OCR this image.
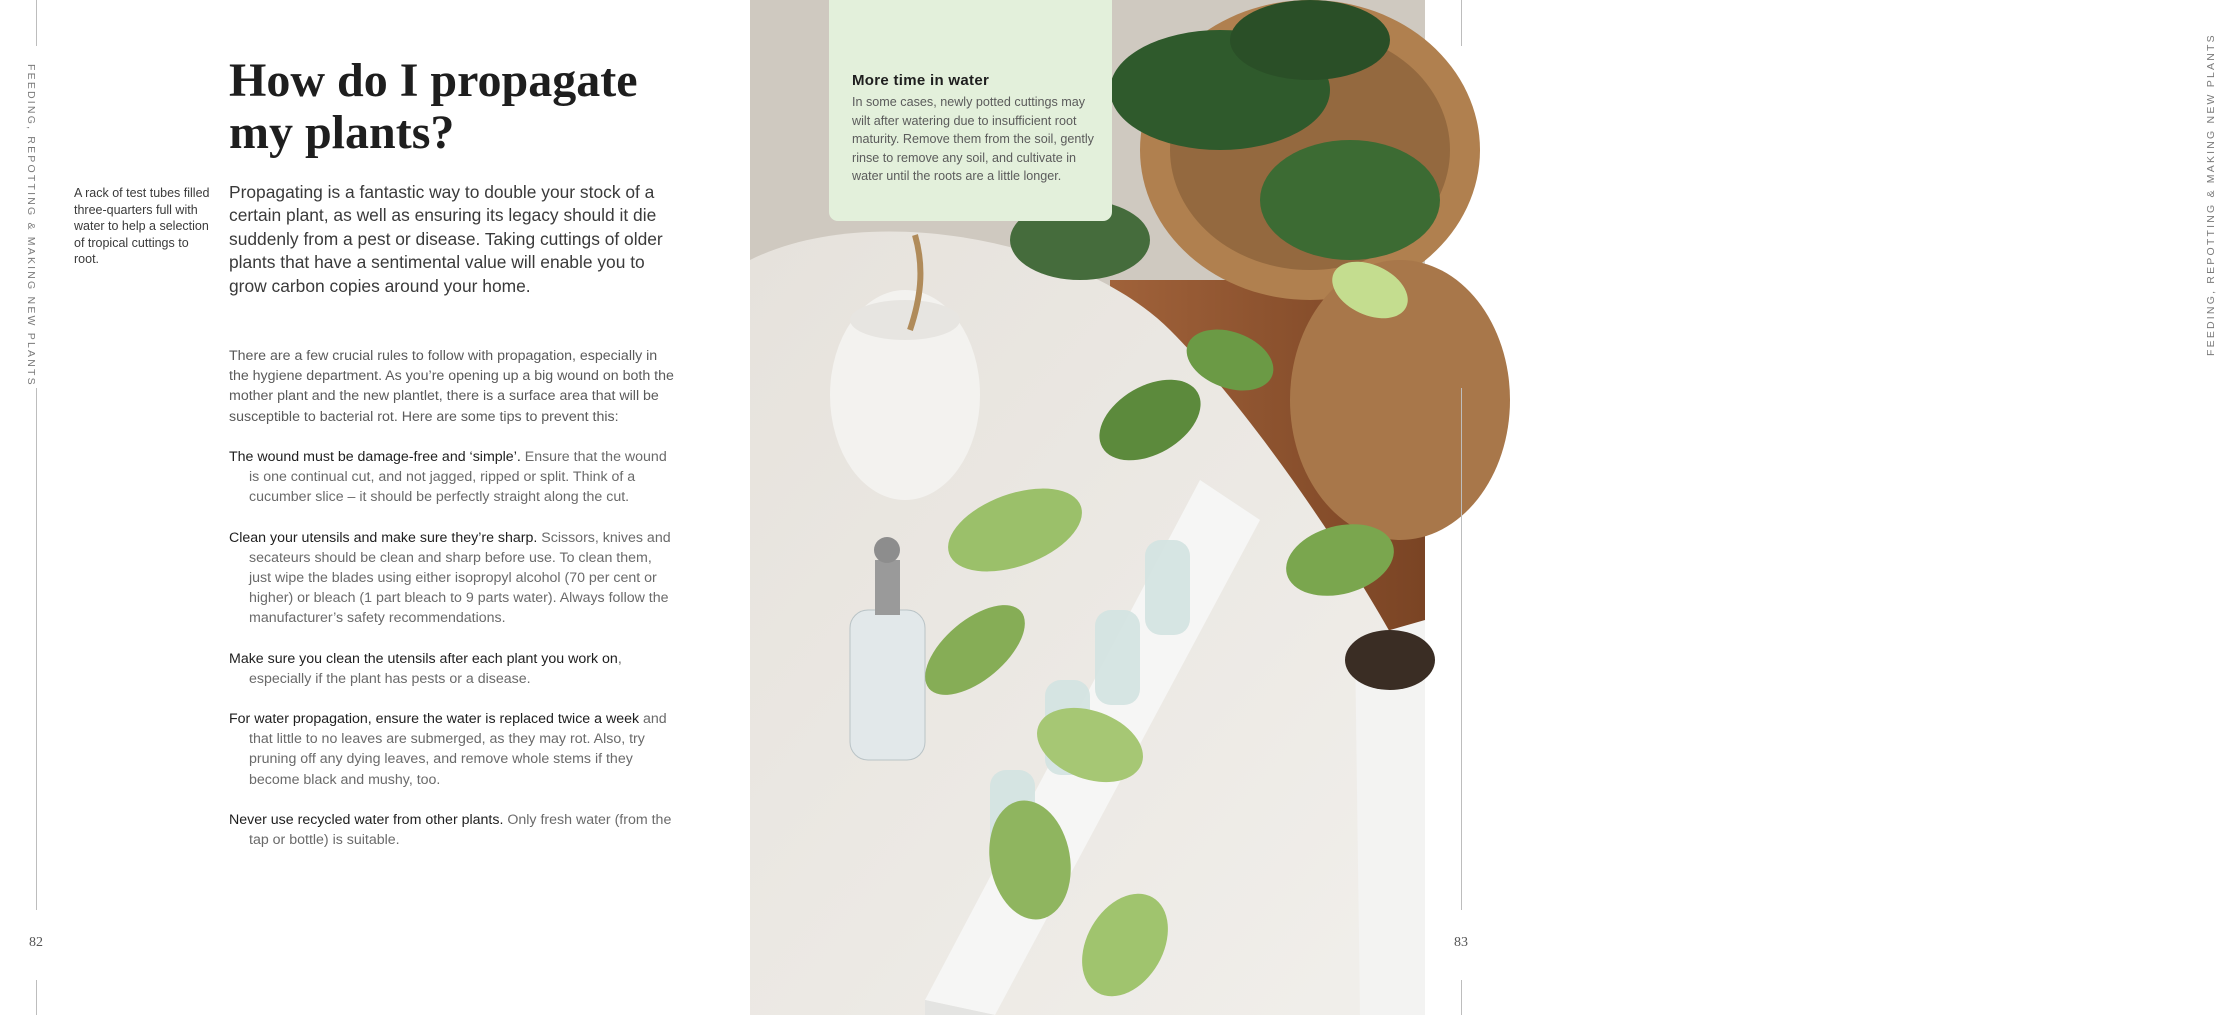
FEEDING, REPOTTING & MAKING NEW PLANTS
82
How do I propagate my plants?

A rack of test tubes filled three-quarters full with water to help a selection of tropical cuttings to root.

Propagating is a fantastic way to double your stock of a certain plant, as well as ensuring its legacy should it die suddenly from a pest or disease. Taking cuttings of older plants that have a sentimental value will enable you to grow carbon copies around your home.

There are a few crucial rules to follow with propagation, especially in the hygiene department. As you’re opening up a big wound on both the mother plant and the new plantlet, there is a surface area that will be susceptible to bacterial rot. Here are some tips to prevent this:

The wound must be damage-free and ‘simple’. Ensure that the wound is one continual cut, and not jagged, ripped or split. Think of a cucumber slice – it should be perfectly straight along the cut.
Clean your utensils and make sure they’re sharp. Scissors, knives and secateurs should be clean and sharp before use. To clean them, just wipe the blades using either isopropyl alcohol (70 per cent or higher) or bleach (1 part bleach to 9 parts water). Always follow the manufacturer’s safety recommendations.
Make sure you clean the utensils after each plant you work on, especially if the plant has pests or a disease.
For water propagation, ensure the water is replaced twice a week and that little to no leaves are submerged, as they may rot. Also, try pruning off any dying leaves, and remove whole stems if they become black and mushy, too.
Never use recycled water from other plants. Only fresh water (from the tap or bottle) is suitable.
FEEDING, REPOTTING & MAKING NEW PLANTS
83

More time in water

In some cases, newly potted cuttings may wilt after watering due to insufficient root maturity. Remove them from the soil, gently rinse to remove any soil, and cultivate in water until the roots are a little longer.
